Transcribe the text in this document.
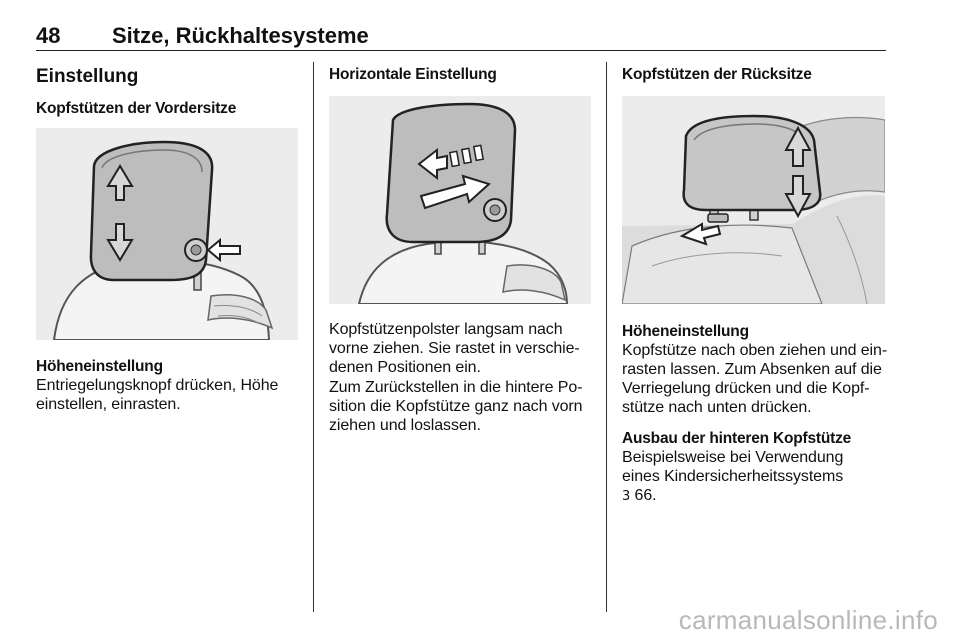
48 Sitze, Rückhaltesysteme
Einstellung
Kopfstützen der Vordersitze
Höheneinstellung
Entriegelungsknopf drücken, Höhe
einstellen, einrasten.
Horizontale Einstellung
Kopfstützenpolster langsam nach
vorne ziehen. Sie rastet in verschie-
denen Positionen ein.
Zum Zurückstellen in die hintere Po-
sition die Kopfstütze ganz nach vorn
ziehen und loslassen.
Kopfstützen der Rücksitze
Höheneinstellung
Kopfstütze nach oben ziehen und ein-
rasten lassen. Zum Absenken auf die
Verriegelung drücken und die Kopf-
stütze nach unten drücken.
Ausbau der hinteren Kopfstütze
Beispielsweise bei Verwendung
eines Kindersicherheitssystems
3 66.
carmanualsonline.info
